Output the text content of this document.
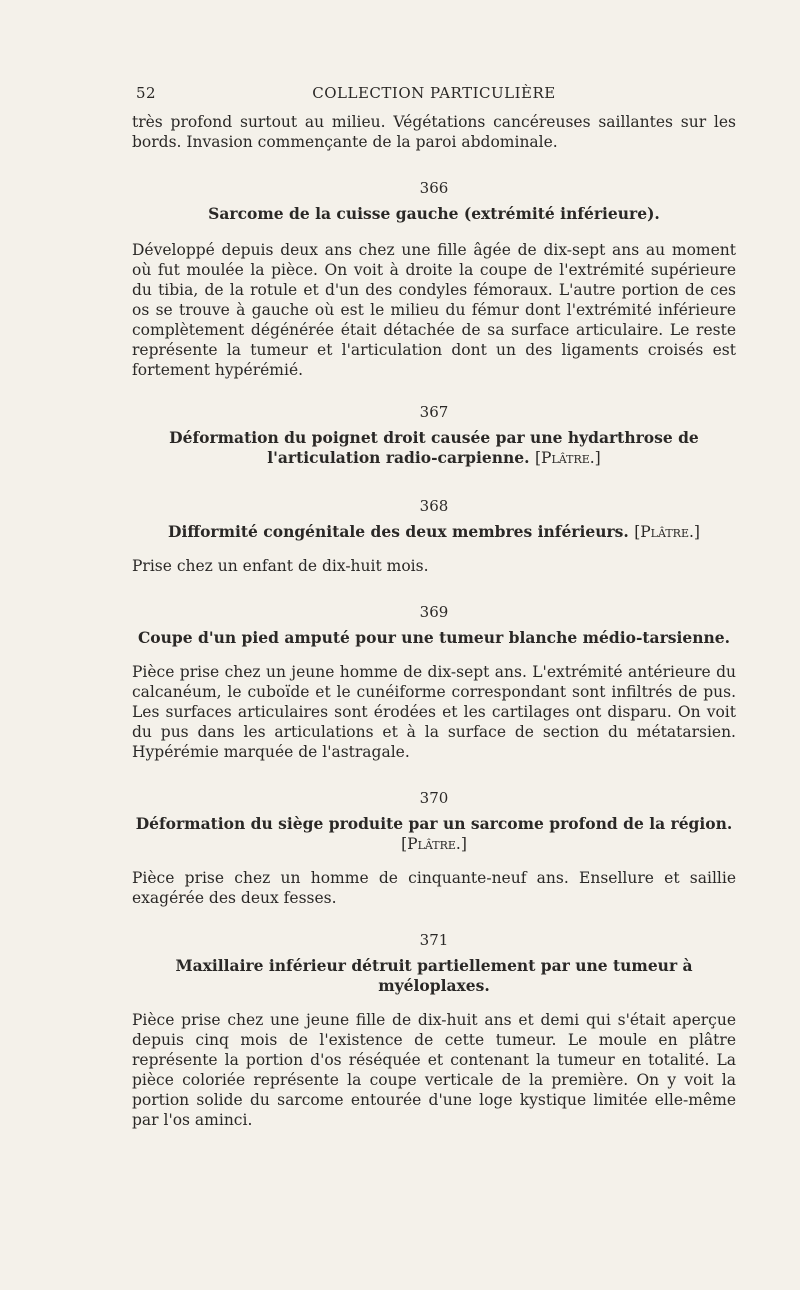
52	COLLECTION PARTICULIÈRE

très profond surtout au milieu. Végétations cancéreuses saillantes sur les bords. Invasion commençante de la paroi abdominale.

366

Sarcome de la cuisse gauche (extrémité inférieure).

Développé depuis deux ans chez une fille âgée de dix-sept ans au moment où fut moulée la pièce. On voit à droite la coupe de l'extrémité supérieure du tibia, de la rotule et d'un des condyles fémoraux. L'autre portion de ces os se trouve à gauche où est le milieu du fémur dont l'extrémité inférieure complètement dégénérée était détachée de sa surface articulaire. Le reste représente la tumeur et l'articulation dont un des ligaments croisés est fortement hypérémié.

367

Déformation du poignet droit causée par une hydarthrose de l'articulation radio-carpienne. [Plâtre.]

368

Difformité congénitale des deux membres inférieurs. [Plâtre.]

Prise chez un enfant de dix-huit mois.

369

Coupe d'un pied amputé pour une tumeur blanche médio-tarsienne.

Pièce prise chez un jeune homme de dix-sept ans. L'extrémité antérieure du calcanéum, le cuboïde et le cunéiforme correspondant sont infiltrés de pus. Les surfaces articulaires sont érodées et les cartilages ont disparu. On voit du pus dans les articulations et à la surface de section du métatarsien. Hypérémie marquée de l'astragale.

370

Déformation du siège produite par un sarcome profond de la région. [Plâtre.]

Pièce prise chez un homme de cinquante-neuf ans. Ensellure et saillie exagérée des deux fesses.

371

Maxillaire inférieur détruit partiellement par une tumeur à myéloplaxes.

Pièce prise chez une jeune fille de dix-huit ans et demi qui s'était aperçue depuis cinq mois de l'existence de cette tumeur. Le moule en plâtre représente la portion d'os réséquée et contenant la tumeur en totalité. La pièce coloriée représente la coupe verticale de la première. On y voit la portion solide du sarcome entourée d'une loge kystique limitée elle-même par l'os aminci.
